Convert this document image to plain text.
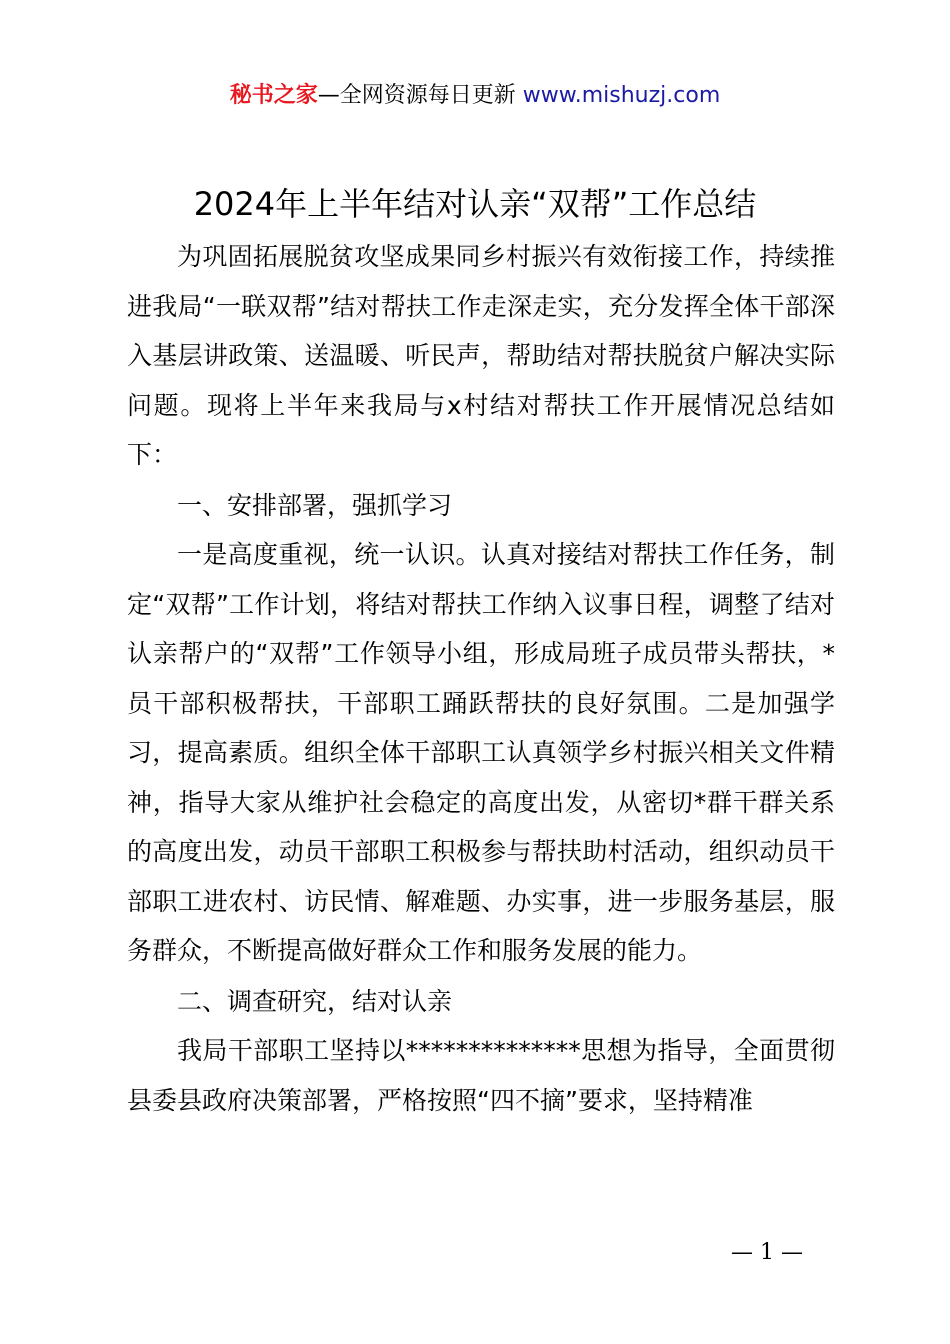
秘书之家—全网资源每日更新 www.mishuzj.com
2024年上半年结对认亲“双帮”工作总结

为巩固拓展脱贫攻坚成果同乡村振兴有效衔接工作，持续推进我局“一联双帮”结对帮扶工作走深走实，充分发挥全体干部深入基层讲政策、送温暖、听民声，帮助结对帮扶脱贫户解决实际问题。现将上半年来我局与x村结对帮扶工作开展情况总结如下：

一、安排部署，强抓学习

一是高度重视，统一认识。认真对接结对帮扶工作任务，制定“双帮”工作计划，将结对帮扶工作纳入议事日程，调整了结对认亲帮户的“双帮”工作领导小组，形成局班子成员带头帮扶，*员干部积极帮扶，干部职工踊跃帮扶的良好氛围。二是加强学习，提高素质。组织全体干部职工认真领学乡村振兴相关文件精神，指导大家从维护社会稳定的高度出发，从密切*群干群关系的高度出发，动员干部职工积极参与帮扶助村活动，组织动员干部职工进农村、访民情、解难题、办实事，进一步服务基层，服务群众，不断提高做好群众工作和服务发展的能力。

二、调查研究，结对认亲

我局干部职工坚持以**************思想为指导，全面贯彻县委县政府决策部署，严格按照“四不摘”要求，坚持精准

— 1 —
